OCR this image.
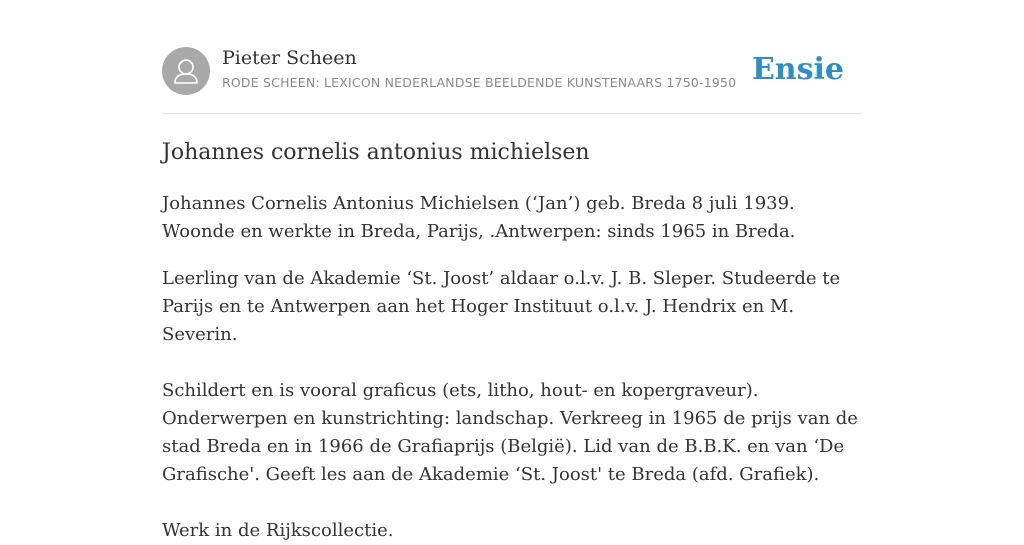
Pieter Scheen
RODE SCHEEN: LEXICON NEDERLANDSE BEELDENDE KUNSTENAARS 1750-1950 Ensie
Johannes cornelis antonius michielsen

Johannes Cornelis Antonius Michielsen (‘Jan’) geb. Breda 8 juli 1939. Woonde en werkte in Breda, Parijs, .Antwerpen: sinds 1965 in Breda.

Leerling van de Akademie ‘St. Joost’ aldaar o.l.v. J. B. Sleper. Studeerde te Parijs en te Antwerpen aan het Hoger Instituut o.l.v. J. Hendrix en M. Severin.

Schildert en is vooral graficus (ets, litho, hout- en kopergraveur). Onderwerpen en kunstrichting: landschap. Verkreeg in 1965 de prijs van de stad Breda en in 1966 de Grafiaprijs (België). Lid van de B.B.K. en van ‘De Grafische'. Geeft les aan de Akademie ‘St. Joost' te Breda (afd. Grafiek).

Werk in de Rijkscollectie.
